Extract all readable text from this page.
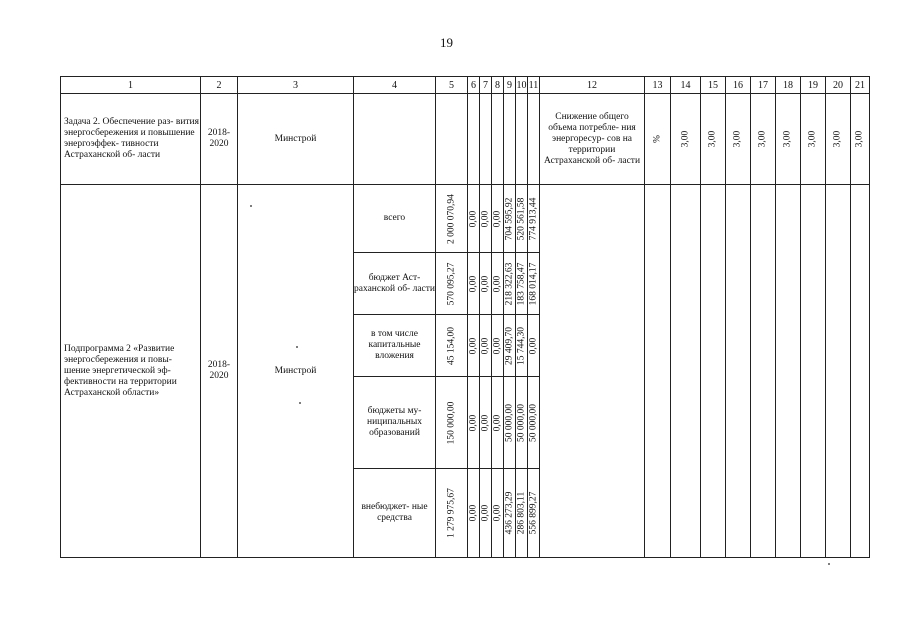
19
1	2	3	4	5	6	7	8	9	10	11	12	13	14	15	16	17	18	19	20	21
Задача 2. Обеспечение раз- вития энергосбережения и повышение энергоэффек- тивности Астраханской об- ласти	2018- 2020	Минстрой									Снижение общего объема потребле- ния энергоресур- сов на территории Астраханской об- ласти	%	3,00	3,00	3,00	3,00	3,00	3,00	3,00	3,00

Подпрограмма 2 «Развитие энергосбережения и повы- шение энергетической эф- фективности на территории Астраханской области»	2018- 2020	Минстрой	всего	2 000 070,94	0,00	0,00	0,00	704 595,92	520 561,58	774 913,44										

			бюджет Аст- раханской об- ласти	570 095,27	0,00	0,00	0,00	218 322,63	183 758,47	168 014,17										

			в том числе капитальные вложения	45 154,00	0,00	0,00	0,00	29 409,70	15 744,30	0,00										

			бюджеты му- ниципальных образований	150 000,00	0,00	0,00	0,00	50 000,00	50 000,00	50 000,00										

			внебюджет- ные средства	1 279 975,67	0,00	0,00	0,00	436 273,29	286 803,11	556 899,27										
